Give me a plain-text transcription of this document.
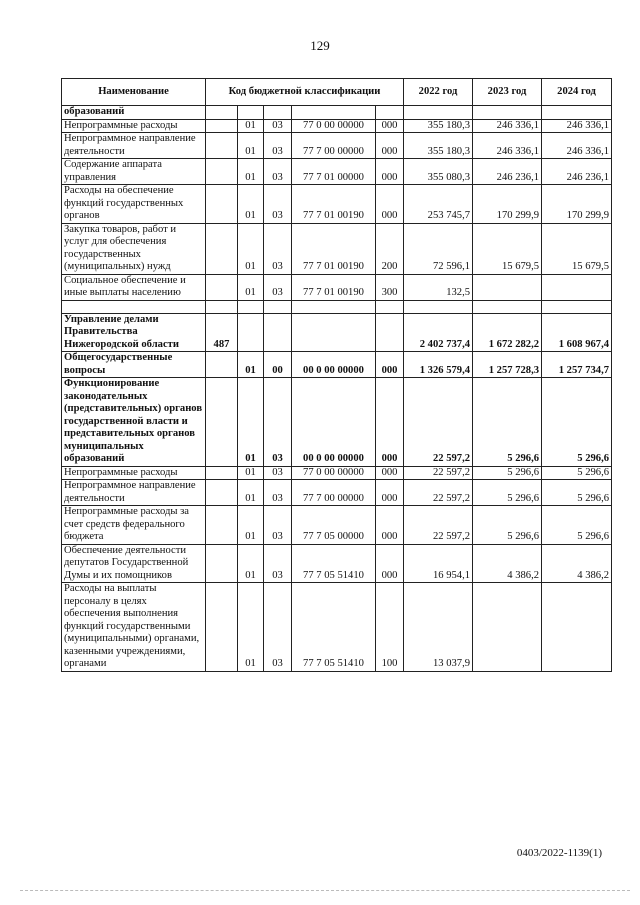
129
Наименование	Код бюджетной классификации					2022 год	2023 год	2024 год
образований								
Непрограммные расходы		01	03	77 0 00 00000	000	355 180,3	246 336,1	246 336,1
Непрограммное направление деятельности		01	03	77 7 00 00000	000	355 180,3	246 336,1	246 336,1
Содержание аппарата управления		01	03	77 7 01 00000	000	355 080,3	246 236,1	246 236,1
Расходы на обеспечение функций государственных органов		01	03	77 7 01 00190	000	253 745,7	170 299,9	170 299,9
Закупка товаров, работ и услуг для обеспечения государственных (муниципальных) нужд		01	03	77 7 01 00190	200	72 596,1	15 679,5	15 679,5
Социальное обеспечение и иные выплаты населению		01	03	77 7 01 00190	300	132,5		

Управление делами Правительства Нижегородской области	487					2 402 737,4	1 672 282,2	1 608 967,4
Общегосударственные вопросы		01	00	00 0 00 00000	000	1 326 579,4	1 257 728,3	1 257 734,7
Функционирование законодательных (представительных) органов государственной власти и представительных органов муниципальных образований		01	03	00 0 00 00000	000	22 597,2	5 296,6	5 296,6
Непрограммные расходы		01	03	77 0 00 00000	000	22 597,2	5 296,6	5 296,6
Непрограммное направление деятельности		01	03	77 7 00 00000	000	22 597,2	5 296,6	5 296,6
Непрограммные расходы за счет средств федерального бюджета		01	03	77 7 05 00000	000	22 597,2	5 296,6	5 296,6
Обеспечение деятельности депутатов Государственной Думы и их помощников		01	03	77 7 05 51410	000	16 954,1	4 386,2	4 386,2
Расходы на выплаты персоналу в целях обеспечения выполнения функций государственными (муниципальными) органами, казенными учреждениями, органами		01	03	77 7 05 51410	100	13 037,9		
0403/2022-1139(1)
